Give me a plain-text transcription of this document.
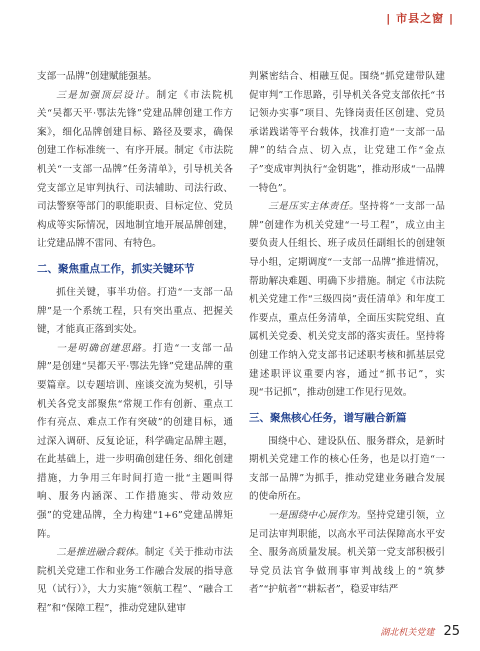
| 市县之窗 |

支部一品牌”创建赋能强基。

三是加强顶层设计。制定《市法院机关“吴都天平·鄂法先锋”党建品牌创建工作方案》，细化品牌创建目标、路径及要求，确保创建工作标准统一、有序开展。制定《市法院机关“一支部一品牌”任务清单》，引导机关各党支部立足审判执行、司法辅助、司法行政、司法警察等部门的职能职责、目标定位、党员构成等实际情况，因地制宜地开展品牌创建，让党建品牌不雷同、有特色。

二、聚焦重点工作，抓实关键环节

抓住关键，事半功倍。打造“一支部一品牌”是一个系统工程，只有突出重点、把握关键，才能真正落到实处。

一是明确创建思路。打造“一支部一品牌”是创建“吴都天平·鄂法先锋”党建品牌的重要篇章。以专题培训、座谈交流为契机，引导机关各党支部聚焦“常规工作有创新、重点工作有亮点、难点工作有突破”的创建目标，通过深入调研、反复论证，科学确定品牌主题，在此基础上，进一步明确创建任务、细化创建措施，力争用三年时间打造一批“主题叫得响、服务内涵深、工作措施实、带动效应强”的党建品牌，全力构建“1+6”党建品牌矩阵。

二是推进融合载体。制定《关于推动市法院机关党建工作和业务工作融合发展的指导意见（试行）》，大力实施“领航工程”、“融合工程”和“保障工程”，推动党建队建审

判紧密结合、相融互促。围绕“抓党建带队建促审判”工作思路，引导机关各党支部依托“书记领办实事”项目、先锋岗责任区创建、党员承诺践诺等平台载体，找准打造“一支部一品牌”的结合点、切入点，让党建工作“金点子”变成审判执行“金钥匙”，推动形成“一品牌一特色”。

三是压实主体责任。坚持将“一支部一品牌”创建作为机关党建“一号工程”，成立由主要负责人任组长、班子成员任副组长的创建领导小组，定期调度“一支部一品牌”推进情况，帮助解决难题、明确下步措施。制定《市法院机关党建工作“三级四岗”责任清单》和年度工作要点，重点任务清单，全面压实院党组、直属机关党委、机关党支部的落实责任。坚持将创建工作纳入党支部书记述职考核和抓基层党建述职评议重要内容，通过“抓书记”，实现“书记抓”，推动创建工作见行见效。

三、聚焦核心任务，谱写融合新篇

围绕中心、建设队伍、服务群众，是新时期机关党建工作的核心任务，也是以打造“一支部一品牌”为抓手，推动党建业务融合发展的使命所在。

一是围绕中心展作为。坚持党建引领，立足司法审判职能，以高水平司法保障高水平安全、服务高质量发展。机关第一党支部积极引导党员法官争做刑事审判战线上的“筑梦者”“护航者”“耕耘者”，稳妥审结严

湖北机关党建 25
